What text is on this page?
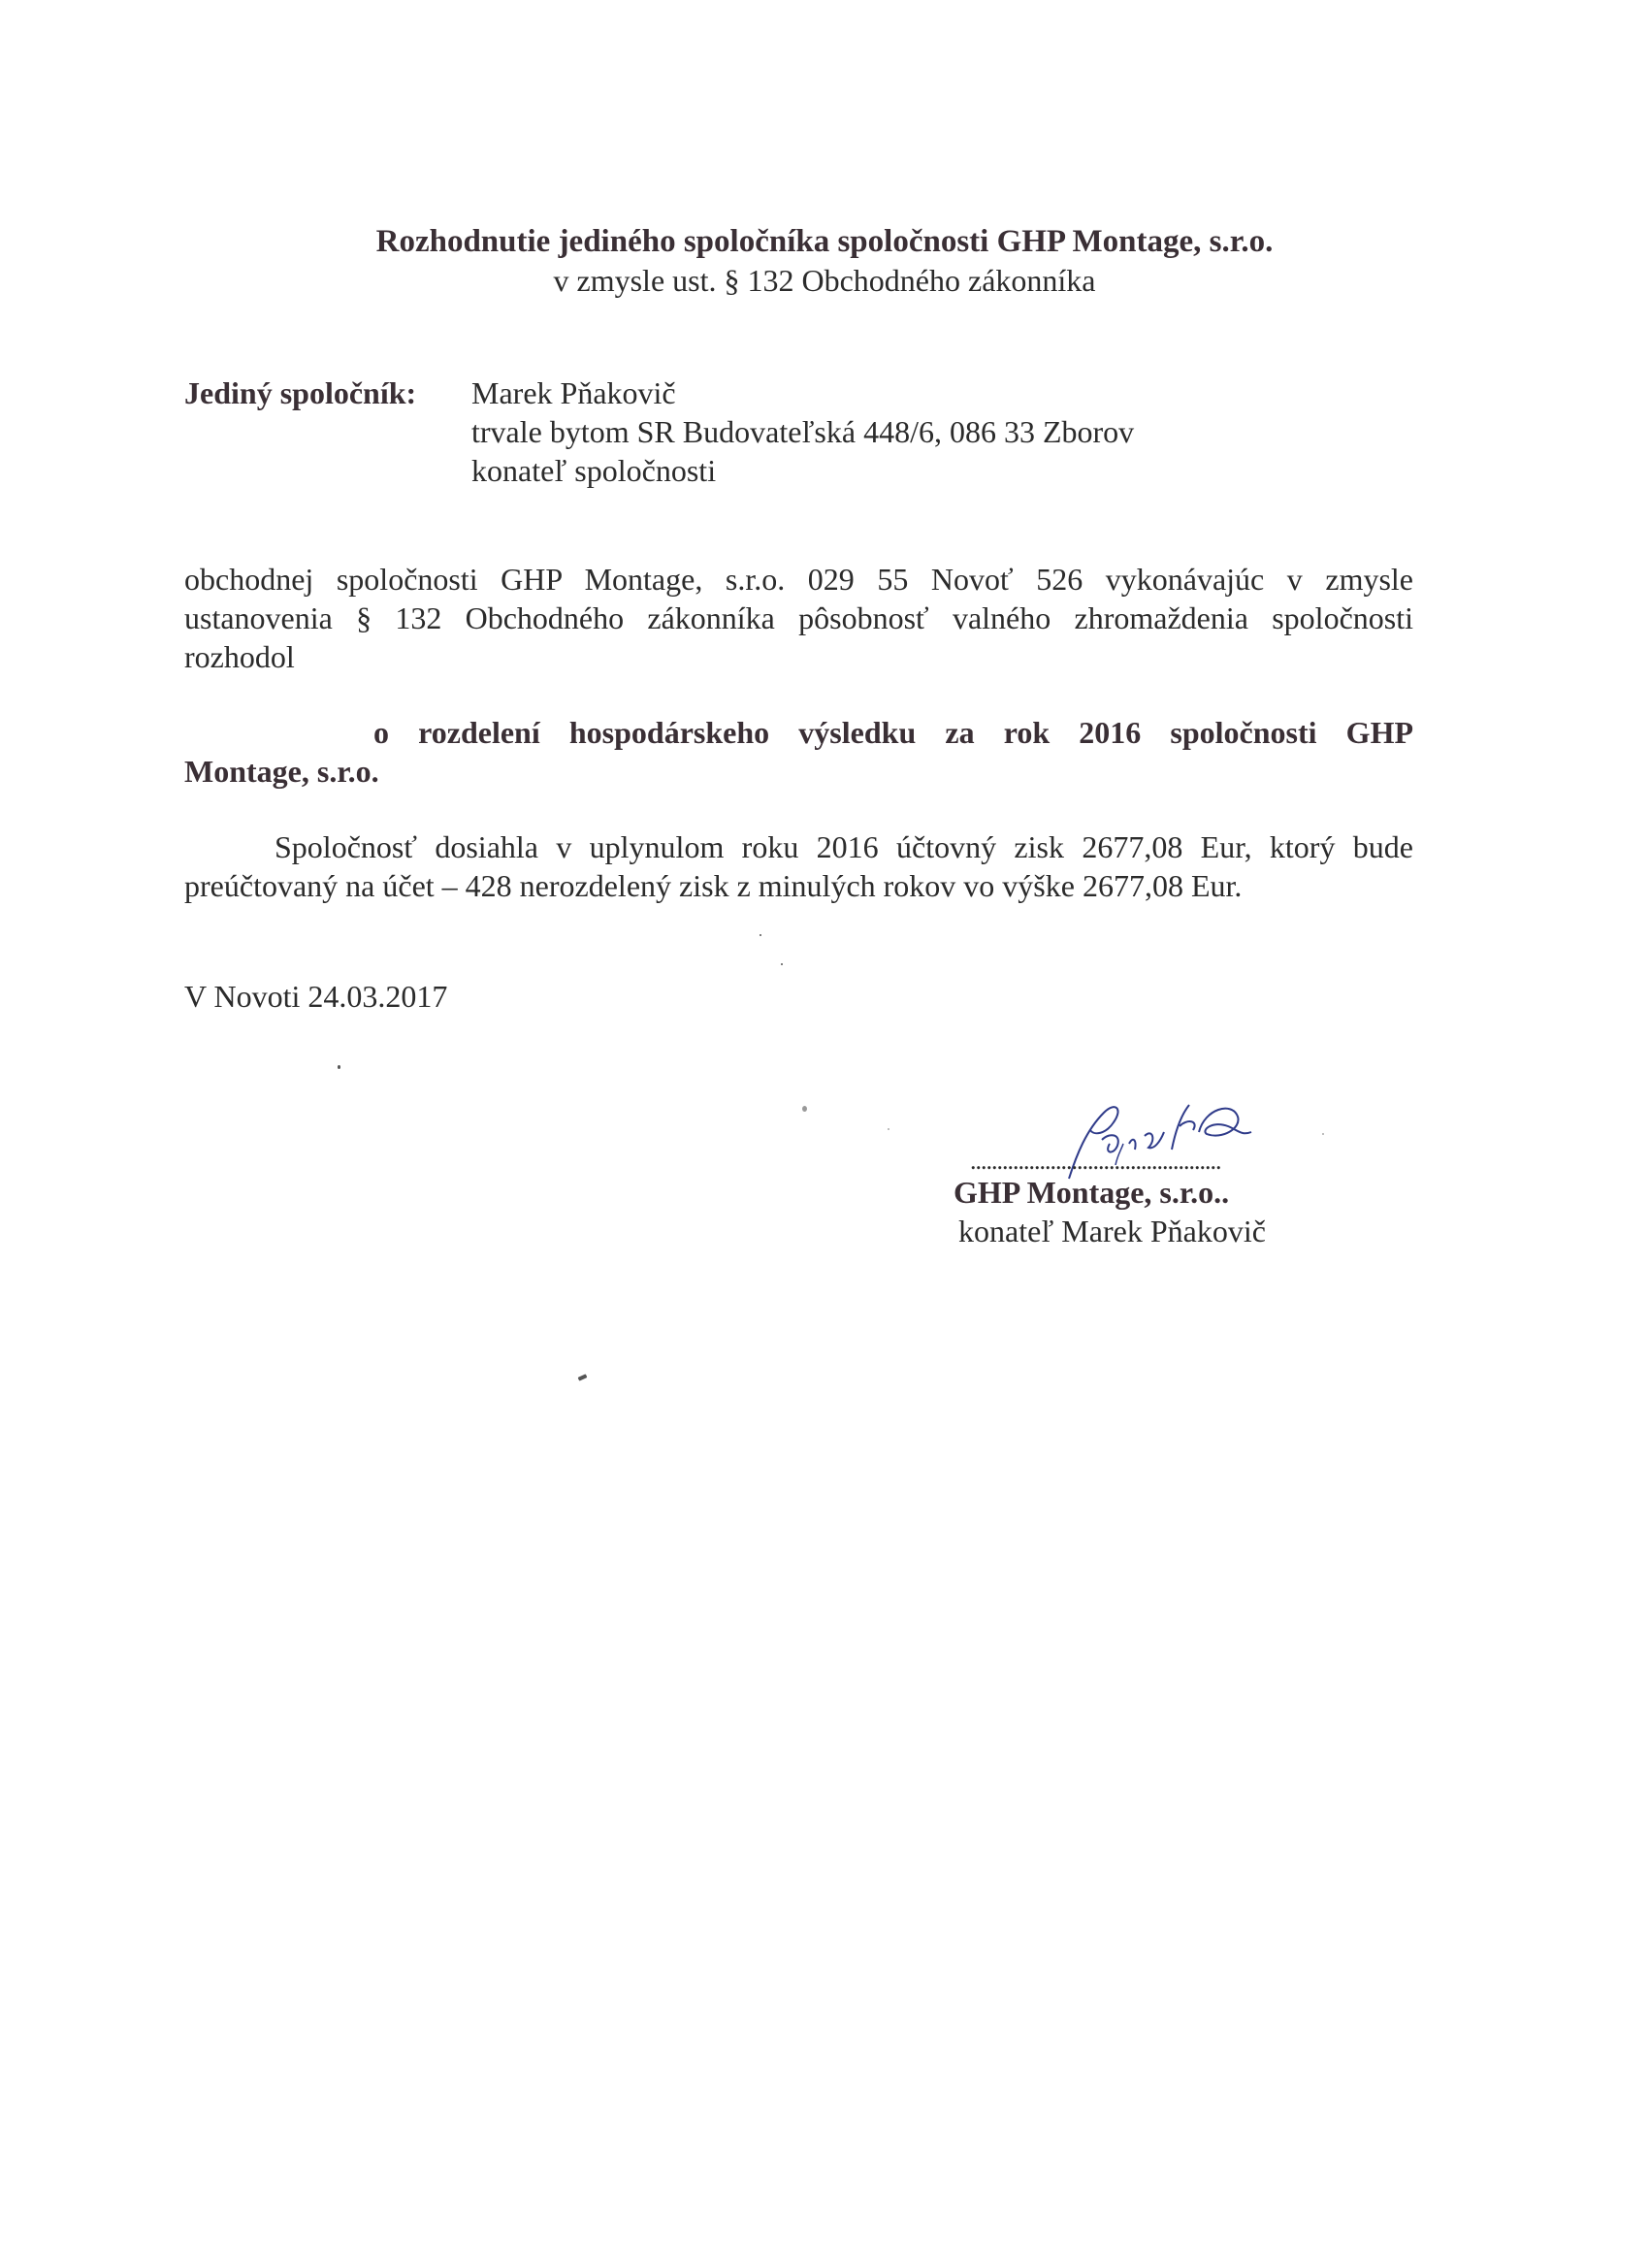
Rozhodnutie jediného spoločníka spoločnosti GHP Montage, s.r.o.
v zmysle ust. § 132 Obchodného zákonníka
Jediný spoločník: Marek Pňakovič
trvale bytom SR Budovateľská 448/6, 086 33 Zborov
konateľ spoločnosti
obchodnej spoločnosti GHP Montage, s.r.o. 029 55 Novoť 526 vykonávajúc v zmysle
ustanovenia § 132 Obchodného zákonníka pôsobnosť valného zhromaždenia spoločnosti
rozhodol
o rozdelení hospodárskeho výsledku za rok 2016 spoločnosti GHP
Montage, s.r.o.
Spoločnosť dosiahla v uplynulom roku 2016 účtovný zisk 2677,08 Eur, ktorý bude
preúčtovaný na účet – 428 nerozdelený zisk z minulých rokov vo výške 2677,08 Eur.
V Novoti 24.03.2017
...............................................
GHP Montage, s.r.o..
konateľ Marek Pňakovič
